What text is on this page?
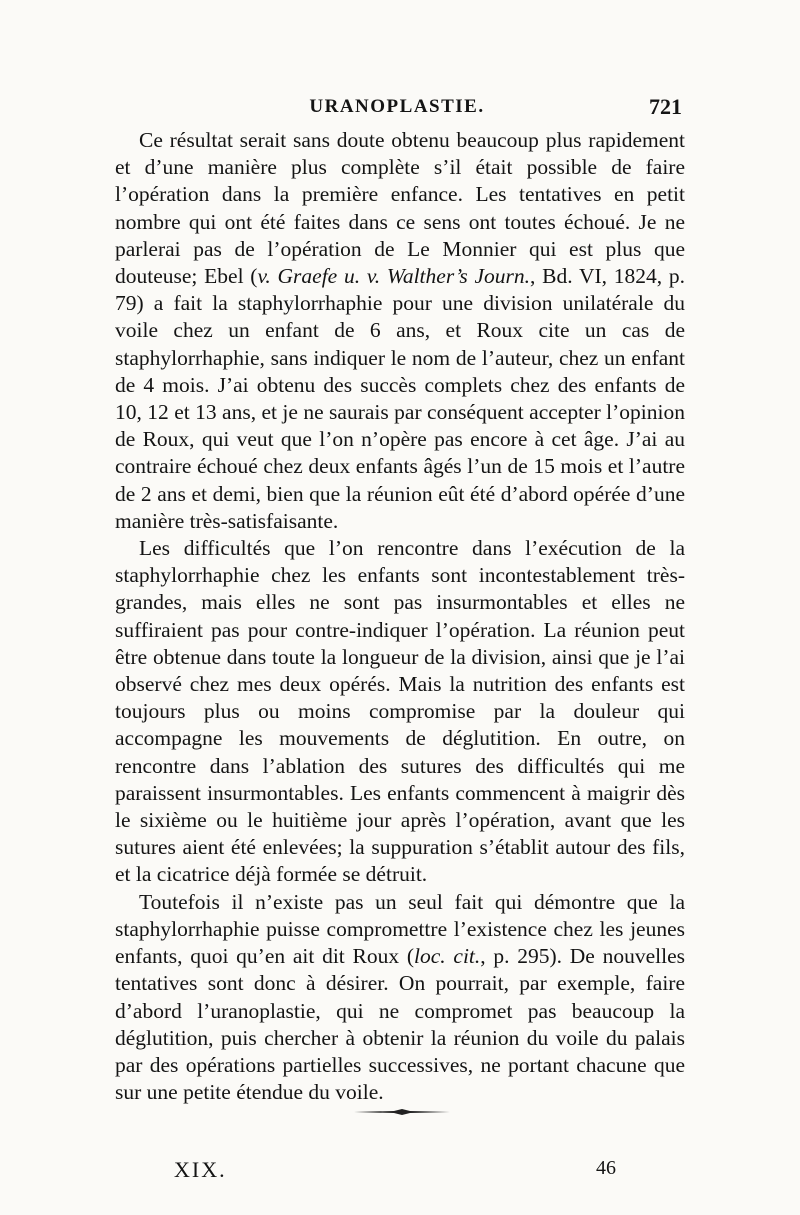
URANOPLASTIE.	721

Ce résultat serait sans doute obtenu beaucoup plus rapidement et d’une manière plus complète s’il était possible de faire l’opération dans la première enfance. Les tentatives en petit nombre qui ont été faites dans ce sens ont toutes échoué. Je ne parlerai pas de l’opération de Le Monnier qui est plus que douteuse; Ebel (v. Graefe u. v. Walther’s Journ., Bd. VI, 1824, p. 79) a fait la staphylorrhaphie pour une division unilatérale du voile chez un enfant de 6 ans, et Roux cite un cas de staphylorrhaphie, sans indiquer le nom de l’auteur, chez un enfant de 4 mois. J’ai obtenu des succès complets chez des enfants de 10, 12 et 13 ans, et je ne saurais par conséquent accepter l’opinion de Roux, qui veut que l’on n’opère pas encore à cet âge. J’ai au contraire échoué chez deux enfants âgés l’un de 15 mois et l’autre de 2 ans et demi, bien que la réunion eût été d’abord opérée d’une manière très-satisfaisante.

Les difficultés que l’on rencontre dans l’exécution de la staphylorrhaphie chez les enfants sont incontestablement très-grandes, mais elles ne sont pas insurmontables et elles ne suffiraient pas pour contre-indiquer l’opération. La réunion peut être obtenue dans toute la longueur de la division, ainsi que je l’ai observé chez mes deux opérés. Mais la nutrition des enfants est toujours plus ou moins compromise par la douleur qui accompagne les mouvements de déglutition. En outre, on rencontre dans l’ablation des sutures des difficultés qui me paraissent insurmontables. Les enfants commencent à maigrir dès le sixième ou le huitième jour après l’opération, avant que les sutures aient été enlevées; la suppuration s’établit autour des fils, et la cicatrice déjà formée se détruit.

Toutefois il n’existe pas un seul fait qui démontre que la staphylorrhaphie puisse compromettre l’existence chez les jeunes enfants, quoi qu’en ait dit Roux (loc. cit., p. 295). De nouvelles tentatives sont donc à désirer. On pourrait, par exemple, faire d’abord l’uranoplastie, qui ne compromet pas beaucoup la déglutition, puis chercher à obtenir la réunion du voile du palais par des opérations partielles successives, ne portant chacune que sur une petite étendue du voile.

XIX.	46
